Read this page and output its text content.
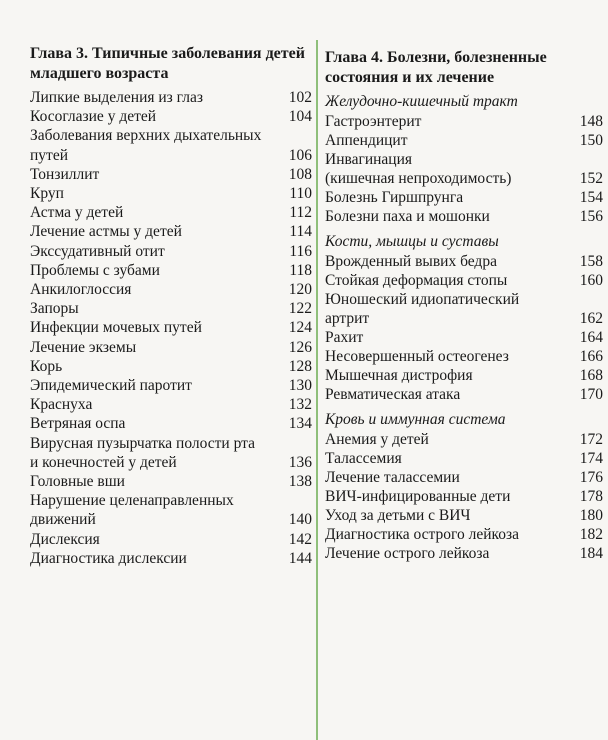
Глава 3. Типичные заболевания детей младшего возраста
Липкие выделения из глаз	102
Косоглазие у детей	104
Заболевания верхних дыхательных
путей	106
Тонзиллит	108
Круп	110
Астма у детей	112
Лечение астмы у детей	114
Экссудативный отит	116
Проблемы с зубами	118
Анкилоглоссия	120
Запоры	122
Инфекции мочевых путей	124
Лечение экземы	126
Корь	128
Эпидемический паротит	130
Краснуха	132
Ветряная оспа	134
Вирусная пузырчатка полости рта
и конечностей у детей	136
Головные вши	138
Нарушение целенаправленных
движений	140
Дислексия	142
Диагностика дислексии	144
Глава 4. Болезни, болезненные состояния и их лечение
Желудочно-кишечный тракт
Гастроэнтерит	148
Аппендицит	150
Инвагинация
(кишечная непроходимость)	152
Болезнь Гиршпрунга	154
Болезни паха и мошонки	156
Кости, мышцы и суставы
Врожденный вывих бедра	158
Стойкая деформация стопы	160
Юношеский идиопатический
артрит	162
Рахит	164
Несовершенный остеогенез	166
Мышечная дистрофия	168
Ревматическая атака	170
Кровь и иммунная система
Анемия у детей	172
Талассемия	174
Лечение талассемии	176
ВИЧ-инфицированные дети	178
Уход за детьми с ВИЧ	180
Диагностика острого лейкоза	182
Лечение острого лейкоза	184
